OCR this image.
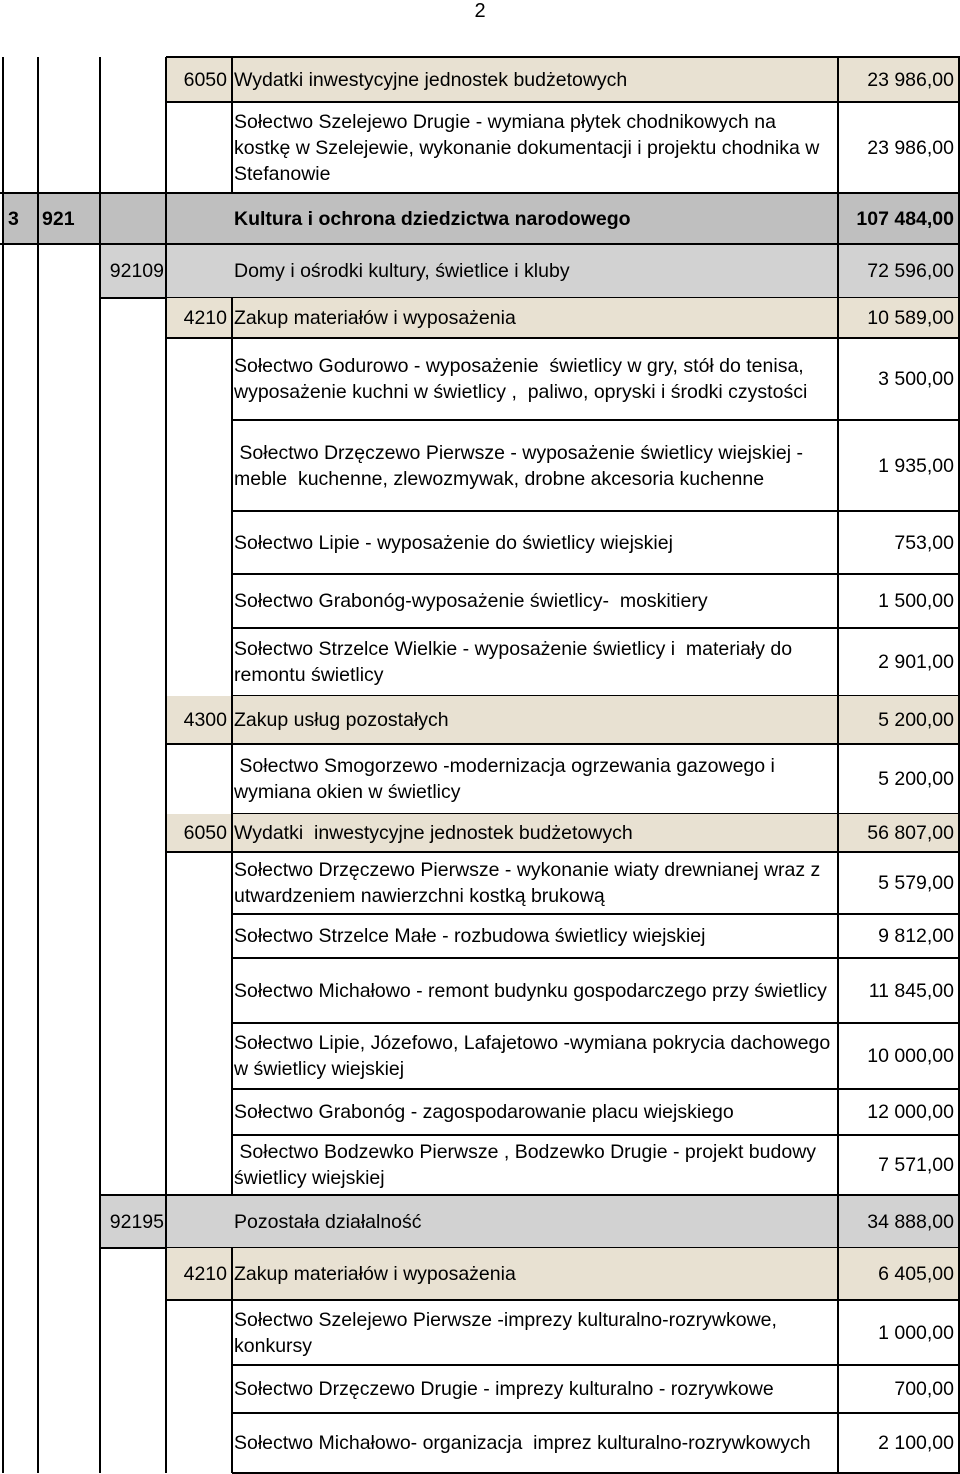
2
6050 Wydatki inwestycyjne jednostek budżetowych	23 986,00
Sołectwo Szelejewo Drugie - wymiana płytek chodnikowych na kostkę w Szelejewie, wykonanie dokumentacji i projektu chodnika w Stefanowie
23 986,00
3	921	Kultura i ochrona dziedzictwa narodowego	107 484,00
92109	Domy i ośrodki kultury, świetlice i kluby	72 596,00
4210 Zakup materiałów i wyposażenia	10 589,00
Sołectwo Godurowo - wyposażenie  świetlicy w gry, stół do tenisa, wyposażenie kuchni w świetlicy ,  paliwo, opryski i środki czystości
3 500,00
Sołectwo Drzęczewo Pierwsze - wyposażenie świetlicy wiejskiej - meble  kuchenne, zlewozmywak, drobne akcesoria kuchenne
1 935,00
Sołectwo Lipie - wyposażenie do świetlicy wiejskiej	753,00
Sołectwo Grabonóg-wyposażenie świetlicy-  moskitiery	1 500,00
Sołectwo Strzelce Wielkie - wyposażenie świetlicy i  materiały do remontu świetlicy
2 901,00
4300 Zakup usług pozostałych	5 200,00
Sołectwo Smogorzewo -modernizacja ogrzewania gazowego i wymiana okien w świetlicy
5 200,00
6050 Wydatki  inwestycyjne jednostek budżetowych	56 807,00
Sołectwo Drzęczewo Pierwsze - wykonanie wiaty drewnianej wraz z utwardzeniem nawierzchni kostką brukową
5 579,00
Sołectwo Strzelce Małe - rozbudowa świetlicy wiejskiej	9 812,00
Sołectwo Michałowo - remont budynku gospodarczego przy świetlicy	11 845,00
Sołectwo Lipie, Józefowo, Lafajetowo -wymiana pokrycia dachowego w świetlicy wiejskiej
10 000,00
Sołectwo Grabonóg - zagospodarowanie placu wiejskiego	12 000,00
Sołectwo Bodzewko Pierwsze , Bodzewko Drugie - projekt budowy świetlicy wiejskiej
7 571,00
92195	Pozostała działalność	34 888,00
4210 Zakup materiałów i wyposażenia	6 405,00
Sołectwo Szelejewo Pierwsze -imprezy kulturalno-rozrywkowe, konkursy
1 000,00
Sołectwo Drzęczewo Drugie - imprezy kulturalno - rozrywkowe	700,00
Sołectwo Michałowo- organizacja  imprez kulturalno-rozrywkowych	2 100,00
